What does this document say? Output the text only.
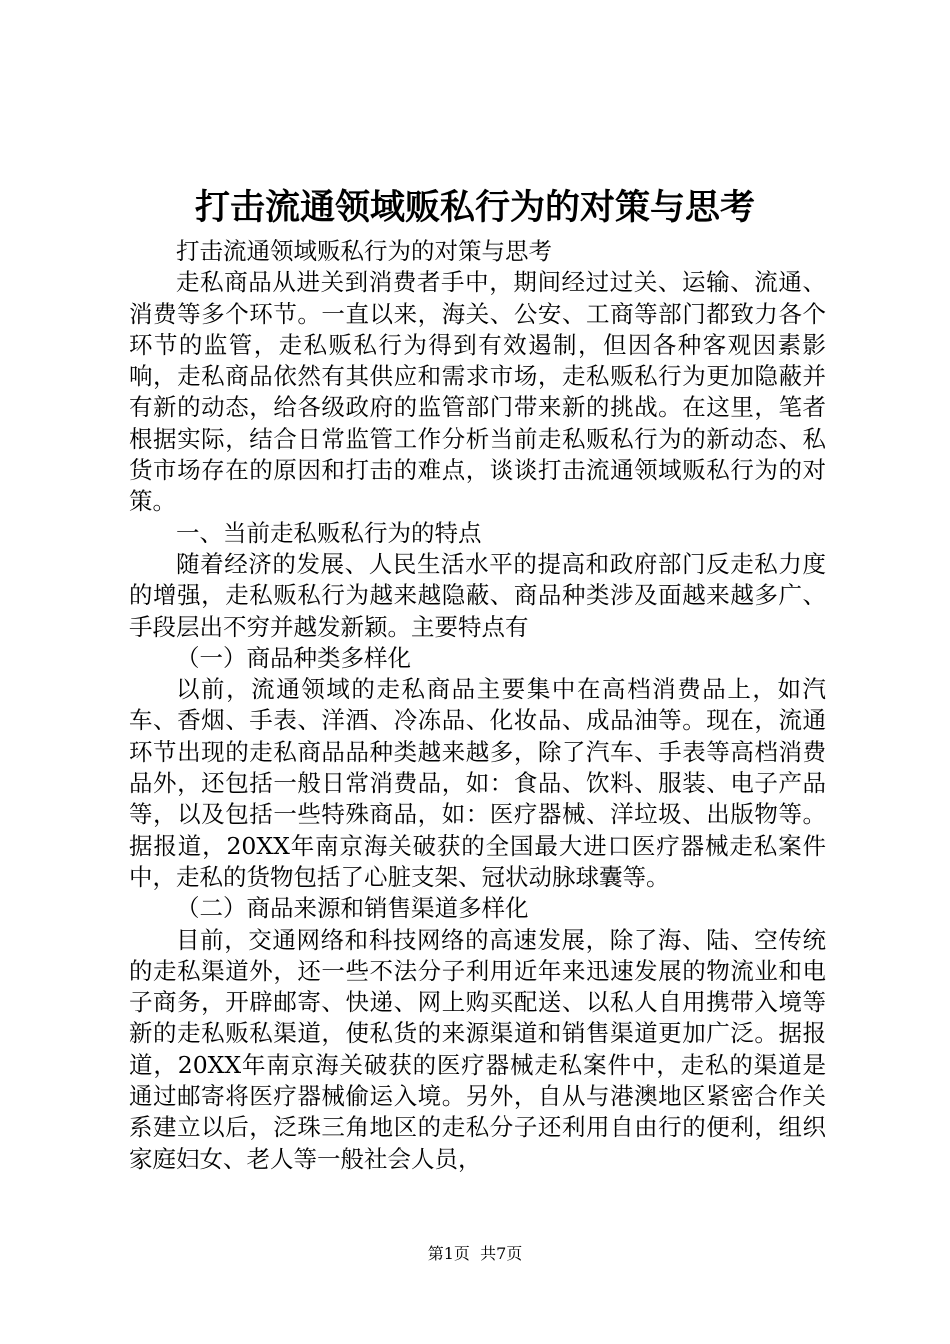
打击流通领域贩私行为的对策与思考

打击流通领域贩私行为的对策与思考

走私商品从进关到消费者手中，期间经过过关、运输、流通、消费等多个环节。一直以来，海关、公安、工商等部门都致力各个环节的监管，走私贩私行为得到有效遏制，但因各种客观因素影响，走私商品依然有其供应和需求市场，走私贩私行为更加隐蔽并有新的动态，给各级政府的监管部门带来新的挑战。在这里，笔者根据实际，结合日常监管工作分析当前走私贩私行为的新动态、私货市场存在的原因和打击的难点，谈谈打击流通领域贩私行为的对策。

一、当前走私贩私行为的特点

随着经济的发展、人民生活水平的提高和政府部门反走私力度的增强，走私贩私行为越来越隐蔽、商品种类涉及面越来越多广、手段层出不穷并越发新颖。主要特点有

（一）商品种类多样化

以前，流通领域的走私商品主要集中在高档消费品上，如汽车、香烟、手表、洋酒、冷冻品、化妆品、成品油等。现在，流通环节出现的走私商品品种类越来越多，除了汽车、手表等高档消费品外，还包括一般日常消费品，如：食品、饮料、服装、电子产品等，以及包括一些特殊商品，如：医疗器械、洋垃圾、出版物等。据报道，20XX年南京海关破获的全国最大进口医疗器械走私案件中，走私的货物包括了心脏支架、冠状动脉球囊等。

（二）商品来源和销售渠道多样化

目前，交通网络和科技网络的高速发展，除了海、陆、空传统的走私渠道外，还一些不法分子利用近年来迅速发展的物流业和电子商务，开辟邮寄、快递、网上购买配送、以私人自用携带入境等新的走私贩私渠道，使私货的来源渠道和销售渠道更加广泛。据报道，20XX年南京海关破获的医疗器械走私案件中，走私的渠道是通过邮寄将医疗器械偷运入境。另外，自从与港澳地区紧密合作关系建立以后，泛珠三角地区的走私分子还利用自由行的便利，组织家庭妇女、老人等一般社会人员，

第1页 共7页
